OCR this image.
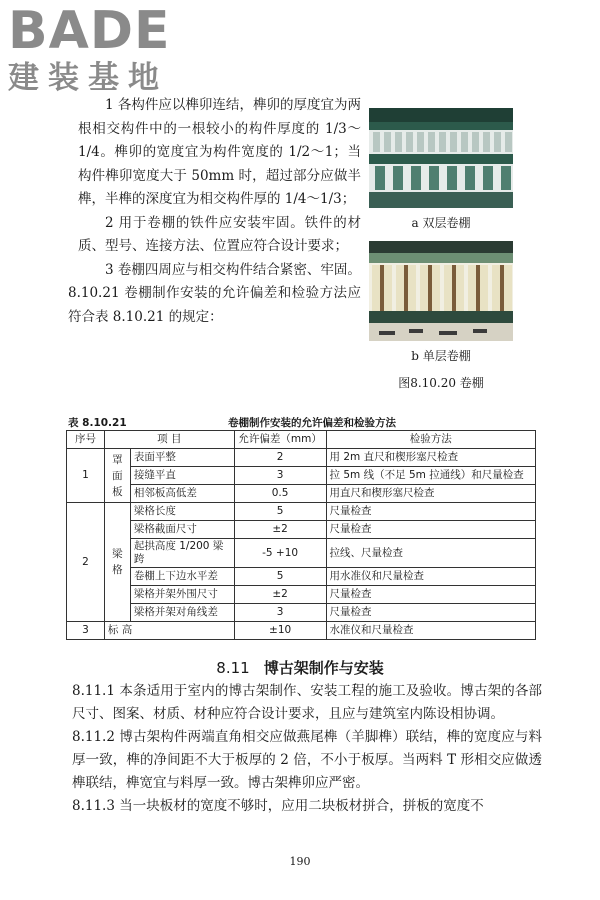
BADE
建装基地

1 各构件应以榫卯连结，榫卯的厚度宜为两根相交构件中的一根较小的构件厚度的 1/3～1/4。榫卯的宽度宜为构件宽度的 1/2～1；当构件榫卯宽度大于 50mm 时，超过部分应做半榫，半榫的深度宜为相交构件厚的 1/4～1/3；

2 用于卷棚的铁件应安装牢固。铁件的材质、型号、连接方法、位置应符合设计要求；

3 卷棚四周应与相交构件结合紧密、牢固。

8.10.21 卷棚制作安装的允许偏差和检验方法应符合表 8.10.21 的规定：

a 双层卷棚
b 单层卷棚
图8.10.20 卷棚
表 8.10.21	卷棚制作安装的允许偏差和检验方法
序号	项 目		允许偏差（mm）	检验方法
1	罩面板	表面平整	2	用 2m 直尺和楔形塞尺检查
		接缝平直	3	拉 5m 线（不足 5m 拉通线）和尺量检查
		相邻板高低差	0.5	用直尺和楔形塞尺检查
2	梁格	梁格长度	5	尺量检查
		梁格截面尺寸	±2	尺量检查
		起拱高度 1/200 梁跨	-5 +10	拉线、尺量检查
		卷棚上下边水平差	5	用水准仪和尺量检查
		梁格并架外围尺寸	±2	尺量检查
		梁格并架对角线差	3	尺量检查
3	标 高		±10	水准仪和尺量检查
8.11 博古架制作与安装

8.11.1 本条适用于室内的博古架制作、安装工程的施工及验收。博古架的各部尺寸、图案、材质、材种应符合设计要求，且应与建筑室内陈设相协调。

8.11.2 博古架构件两端直角相交应做燕尾榫（羊脚榫）联结，榫的宽度应与料厚一致，榫的净间距不大于板厚的 2 倍，不小于板厚。当两料 T 形相交应做透榫联结，榫宽宜与料厚一致。博古架榫卯应严密。

8.11.3 当一块板材的宽度不够时，应用二块板材拼合，拼板的宽度不

190
